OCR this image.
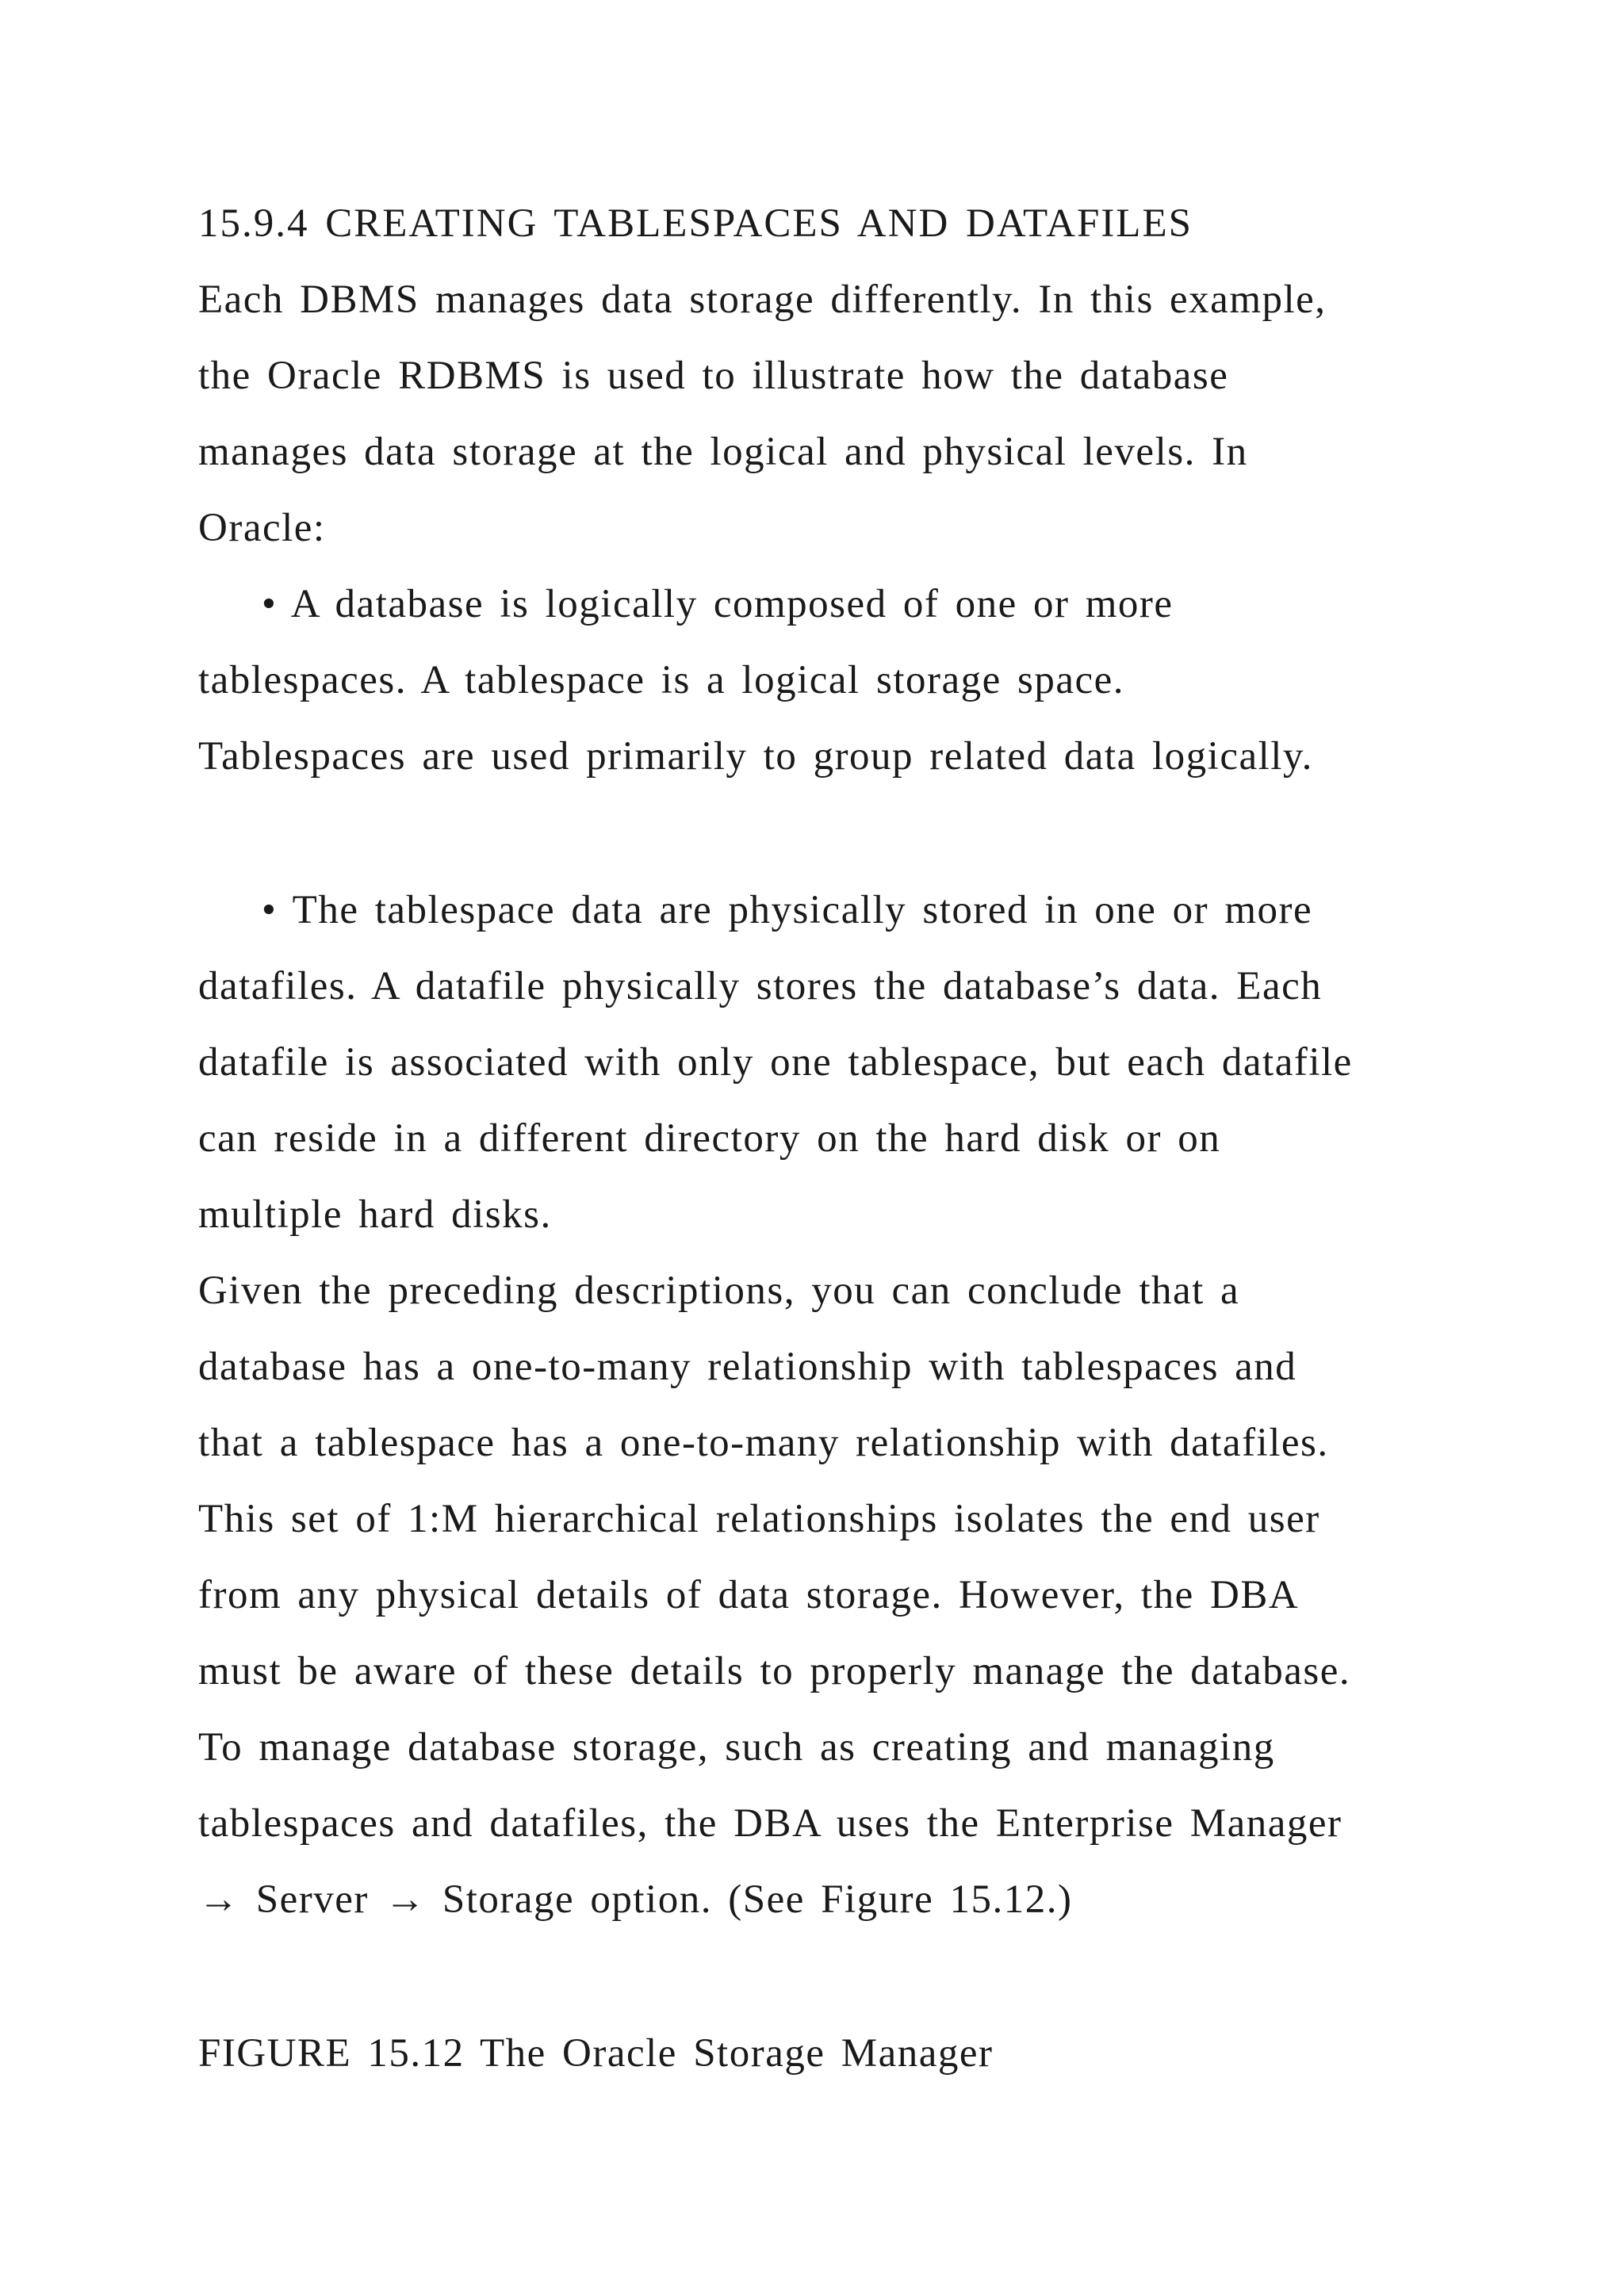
15.9.4 CREATING TABLESPACES AND DATAFILES
Each DBMS manages data storage differently. In this example,
the Oracle RDBMS is used to illustrate how the database
manages data storage at the logical and physical levels. In
Oracle:
• A database is logically composed of one or more
tablespaces. A tablespace is a logical storage space.
Tablespaces are used primarily to group related data logically.
• The tablespace data are physically stored in one or more
datafiles. A datafile physically stores the database’s data. Each
datafile is associated with only one tablespace, but each datafile
can reside in a different directory on the hard disk or on
multiple hard disks.
Given the preceding descriptions, you can conclude that a
database has a one-to-many relationship with tablespaces and
that a tablespace has a one-to-many relationship with datafiles.
This set of 1:M hierarchical relationships isolates the end user
from any physical details of data storage. However, the DBA
must be aware of these details to properly manage the database.
To manage database storage, such as creating and managing
tablespaces and datafiles, the DBA uses the Enterprise Manager
→ Server → Storage option. (See Figure 15.12.)
FIGURE 15.12 The Oracle Storage Manager
